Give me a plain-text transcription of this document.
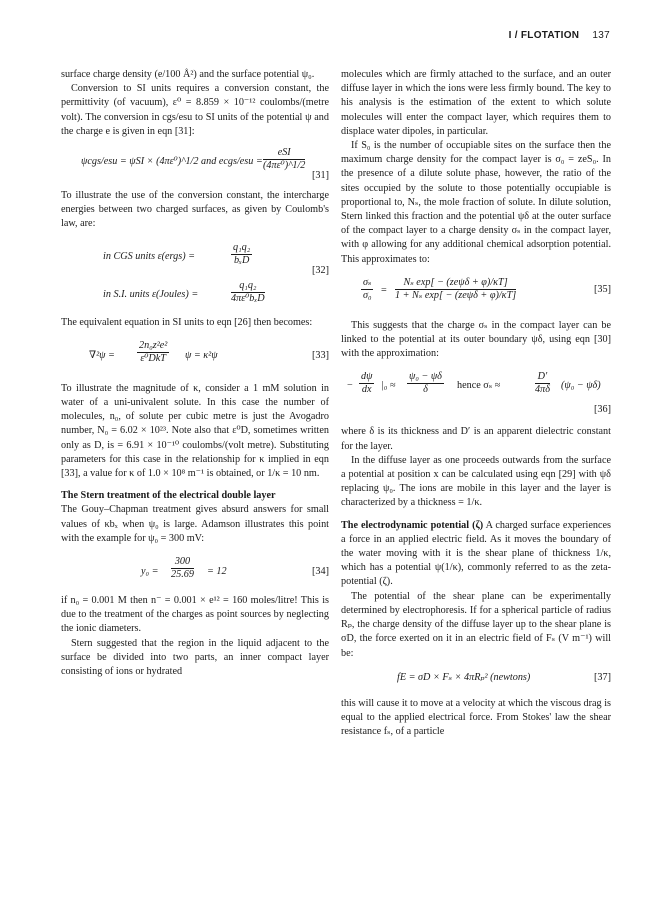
I / FLOTATION 137

surface charge density (e/100 Å²) and the surface potential ψ₀.

Conversion to SI units requires a conversion constant, the permittivity (of vacuum), ε⁰ = 8.859 × 10⁻¹² coulombs/(metre volt). The conversion in cgs/esu to SI units of the potential ψ and the charge e is given in eqn [31]:

ψcgs/esu = ψSI × (4πε⁰)^1/2 and ecgs/esu =
eSI
(4πε⁰)^1/2
[31]

To illustrate the use of the conversion constant, the intercharge energies between two charged surfaces, as given by Coulomb's law, are:

in CGS units ε(ergs) =
q₁q₂
bₓD
[32]
in S.I. units ε(Joules) =
q₁q₂
4πε⁰bₓD

The equivalent equation in SI units to eqn [26] then becomes:

∇²ψ =
2n₀z²e²
ε⁰DkT	ψ = κ²ψ	[33]

To illustrate the magnitude of κ, consider a 1 mM solution in water of a uni-univalent solute. In this case the number of molecules, n₀, of solute per cubic metre is just the Avogadro number, N₀ = 6.02 × 10²³. Note also that ε⁰D, sometimes written only as D, is = 6.91 × 10⁻¹⁰ coulombs/(volt metre). Substituting parameters for this case in the relationship for κ implied in eqn [33], a value for κ of 1.0 × 10⁸ m⁻¹ is obtained, or 1/κ = 10 nm.

The Stern treatment of the electrical double layer

The Gouy–Chapman treatment gives absurd answers for small values of κbₓ when ψ₀ is large. Adamson illustrates this point with the example for ψ₀ = 300 mV:

$y_0 = \frac{300}{25.69} = 12$	[34]

if n₀ = 0.001 M then n⁻ = 0.001 × e¹² = 160 moles/litre! This is due to the treatment of the charges as point sources by neglecting the ionic diameters.

Stern suggested that the region in the liquid adjacent to the surface be divided into two parts, an inner compact layer consisting of ions or hydrated

molecules which are firmly attached to the surface, and an outer diffuse layer in which the ions were less firmly bound. The key to his analysis is the estimation of the extent to which solute molecules will enter the compact layer, which requires them to displace water dipoles, in particular.

If S₀ is the number of occupiable sites on the surface then the maximum charge density for the compact layer is σ₀ = zeS₀. In the presence of a dilute solute phase, however, the ratio of the sites occupied by the solute to those potentially occupiable is proportional to, Nₛ, the mole fraction of solute. In dilute solution, Stern linked this fraction and the potential ψδ at the outer surface of the compact layer to a charge density σₛ in the compact layer, with φ allowing for any additional chemical adsorption potential. This approximates to:

$\frac{\text{σₛ}}{\text{σ₀}}$ =
Nₛ exp[ − (zeψδ + φ)/κT]
1 + Nₛ exp[ − (zeψδ + φ)/κT]
[35]

This suggests that the charge σₛ in the compact layer can be linked to the potential at its outer boundary ψδ, using eqn [30] with the approximation:

− $\frac{d\psi}{dx} |_0 \approx \frac{\text{ψ₀ − ψδ}}{\delta}$ hence σₛ ≈	$\frac{D'}{4\pi\delta} (\psi_0 - \psi\delta)$
[36]

where δ is its thickness and D′ is an apparent dielectric constant for the layer.

In the diffuse layer as one proceeds outwards from the surface a potential at position x can be calculated using eqn [29] with ψδ replacing ψ₀. The ions are mobile in this layer and the layer is characterized by a thickness = 1/κ.

The electrodynamic potential (ζ) A charged surface experiences a force in an applied electric field. As it moves the boundary of the water moving with it is the shear plane of thickness 1/κ, which has a potential ψ(1/κ), commonly referred to as the zeta-potential (ζ).

The potential of the shear plane can be experimentally determined by electrophoresis. If for a spherical particle of radius Rₚ, the charge density of the diffuse layer up to the shear plane is σD, the force exerted on it in an electric field of Fₛ (V m⁻¹) will be:

fE = σD × Fₛ × 4πRₚ² (newtons)	[37]

this will cause it to move at a velocity at which the viscous drag is equal to the applied electrical force. From Stokes' law the shear resistance fₛ, of a particle
